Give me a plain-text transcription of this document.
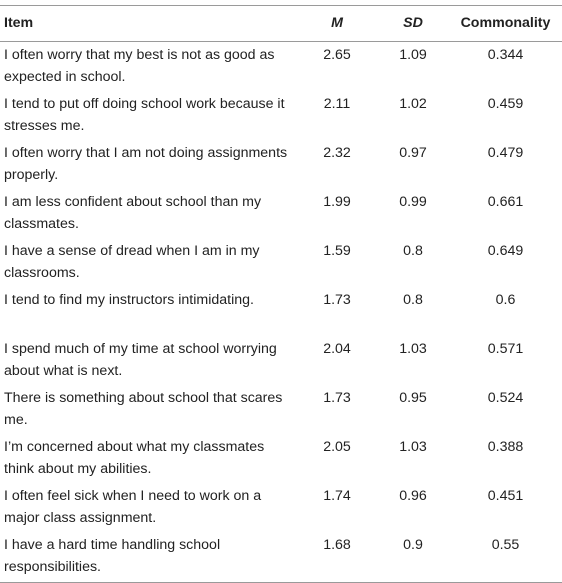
Item	M	SD	Commonality
I often worry that my best is not as good as expected in school.	2.65	1.09	0.344
I tend to put off doing school work because it stresses me.	2.11	1.02	0.459
I often worry that I am not doing assignments properly.	2.32	0.97	0.479
I am less confident about school than my classmates.	1.99	0.99	0.661
I have a sense of dread when I am in my classrooms.	1.59	0.8	0.649
I tend to find my instructors intimidating.	1.73	0.8	0.6
I spend much of my time at school worrying about what is next.	2.04	1.03	0.571
There is something about school that scares me.	1.73	0.95	0.524
I’m concerned about what my classmates think about my abilities.	2.05	1.03	0.388
I often feel sick when I need to work on a major class assignment.	1.74	0.96	0.451
I have a hard time handling school responsibilities.	1.68	0.9	0.55
